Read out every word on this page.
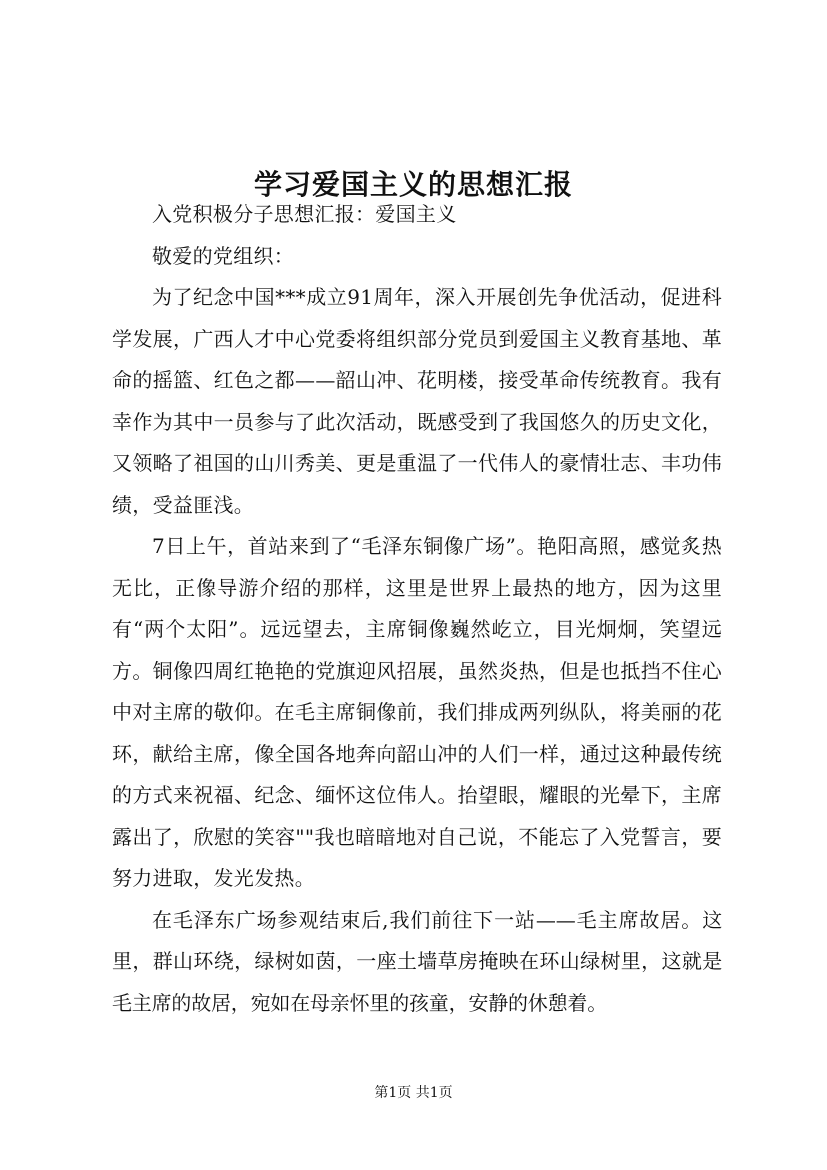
学习爱国主义的思想汇报

入党积极分子思想汇报：爱国主义

敬爱的党组织：

为了纪念中国***成立91周年，深入开展创先争优活动，促进科学发展，广西人才中心党委将组织部分党员到爱国主义教育基地、革命的摇篮、红色之都——韶山冲、花明楼，接受革命传统教育。我有幸作为其中一员参与了此次活动，既感受到了我国悠久的历史文化，又领略了祖国的山川秀美、更是重温了一代伟人的豪情壮志、丰功伟绩，受益匪浅。

7日上午，首站来到了“毛泽东铜像广场”。艳阳高照，感觉炙热无比，正像导游介绍的那样，这里是世界上最热的地方，因为这里有“两个太阳”。远远望去，主席铜像巍然屹立，目光炯炯，笑望远方。铜像四周红艳艳的党旗迎风招展，虽然炎热，但是也抵挡不住心中对主席的敬仰。在毛主席铜像前，我们排成两列纵队，将美丽的花环，献给主席，像全国各地奔向韶山冲的人们一样，通过这种最传统的方式来祝福、纪念、缅怀这位伟人。抬望眼，耀眼的光晕下，主席露出了，欣慰的笑容""我也暗暗地对自己说，不能忘了入党誓言，要努力进取，发光发热。

在毛泽东广场参观结束后,我们前往下一站——毛主席故居。这里，群山环绕，绿树如茵，一座土墙草房掩映在环山绿树里，这就是毛主席的故居，宛如在母亲怀里的孩童，安静的休憩着。

第1页 共1页
